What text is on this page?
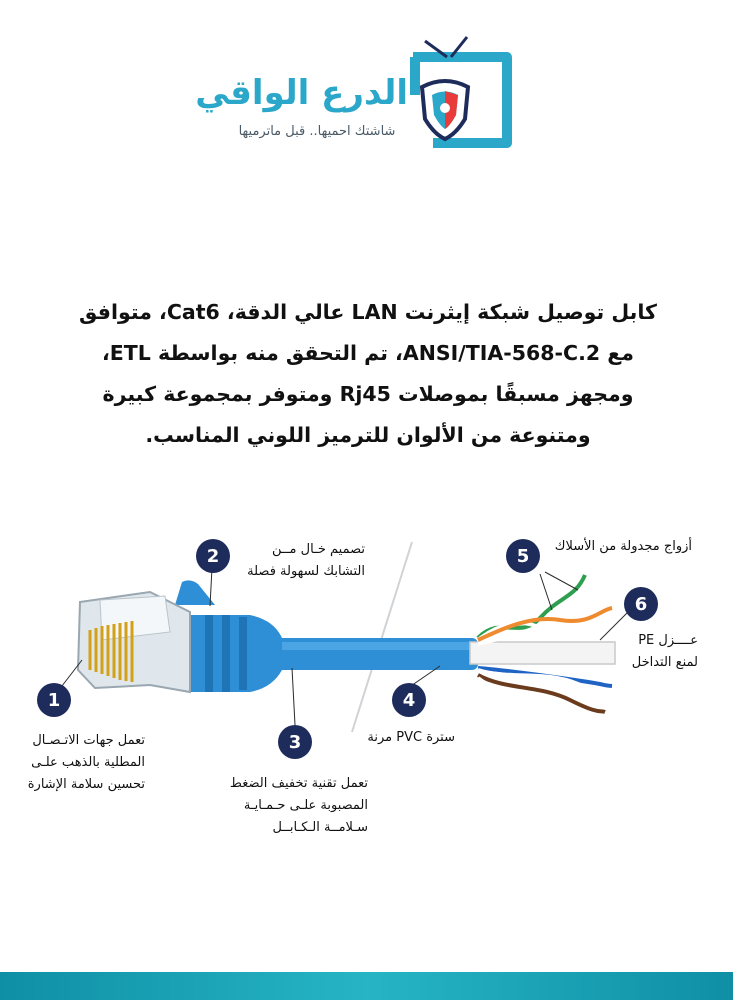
الدرع الواقي
شاشتك احميها.. قبل ماترميها

كابل توصيل شبكة إيثرنت LAN عالي الدقة، Cat6، متوافق
مع ANSI/TIA-568-C.2، تم التحقق منه بواسطة ETL،
ومجهز مسبقًا بموصلات Rj45 ومتوفر بمجموعة كبيرة
ومتنوعة من الألوان للترميز اللوني المناسب.

1
2
3
4
5
6
تعمل جهات الاتـصـال
المطلية بالذهب علـى
تحسين سلامة الإشارة
تصميم خـال مــن
التشابك لسهولة فصلة
تعمل تقنية تخفيف الضغط
المصبوبة علـى حـمـايـة
سـلامــة الـكـابــل
سترة PVC مرنة
أزواج مجدولة من الأسلاك
عــــزل PE
لمنع التداخل
